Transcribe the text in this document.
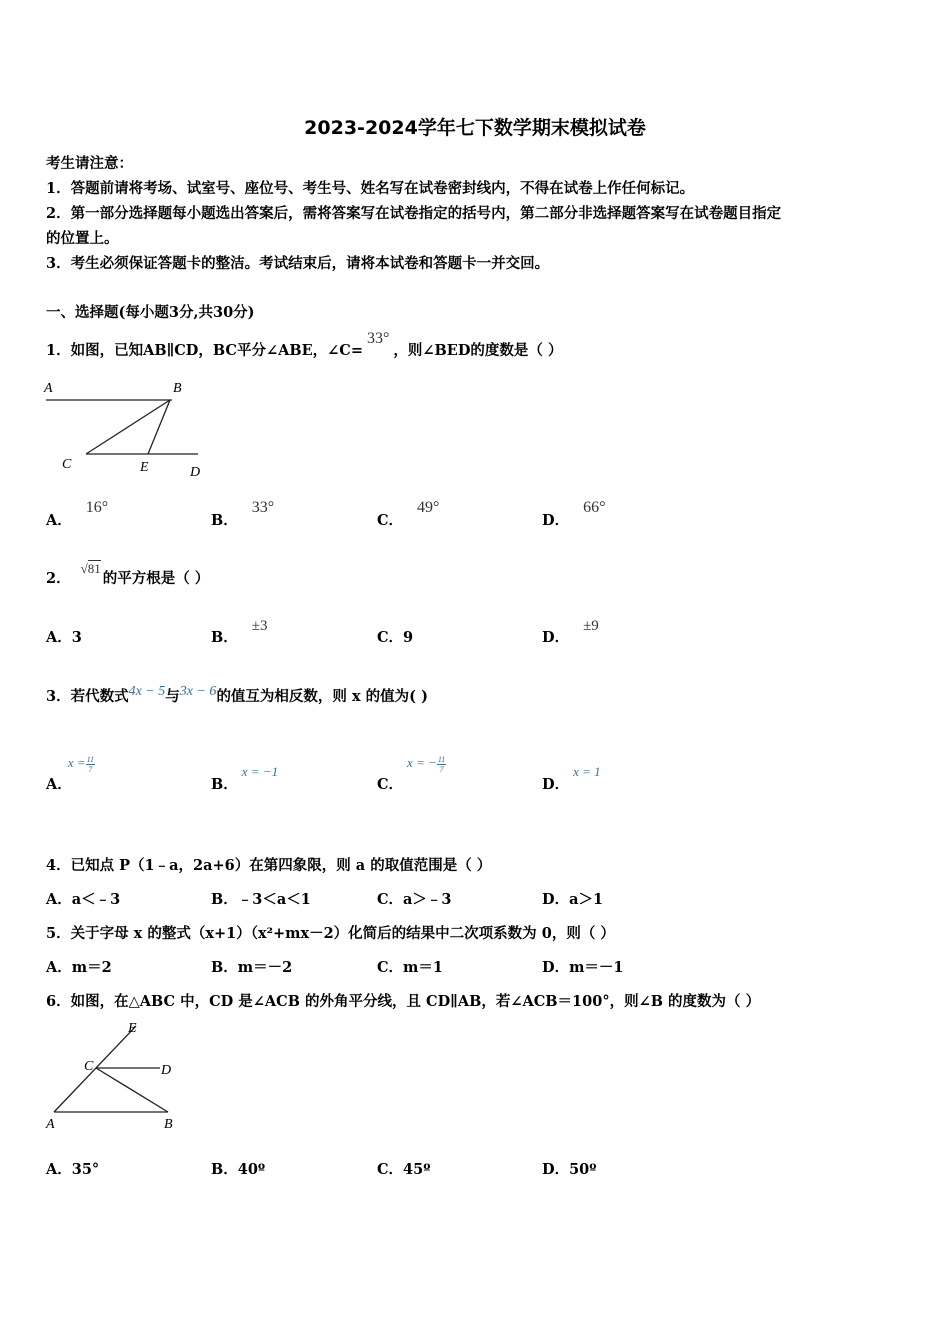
2023-2024学年七下数学期末模拟试卷
考生请注意：
1．答题前请将考场、试室号、座位号、考生号、姓名写在试卷密封线内，不得在试卷上作任何标记。
2．第一部分选择题每小题选出答案后，需将答案写在试卷指定的括号内，第二部分非选择题答案写在试卷题目指定
的位置上。
3．考生必须保证答题卡的整洁。考试结束后，请将本试卷和答题卡一并交回。
一、选择题(每小题3分,共30分)
1．如图，已知AB∥CD，BC平分∠ABE，∠C=33°，则∠BED的度数是（ ）
A	B
C	E	D
A．16°
B．33°
C．49°
D．66°
2．√81的平方根是（ ）
A．3	B．±3
C．9	D．±9
3．若代数式4x − 5与3x − 6的值互为相反数，则 x 的值为( )
A．$x = \frac{11}{7}$
B．x = −1
C．x = − $\frac{11}{7}$
D．x = 1
4．已知点 P（1﹣a，2a+6）在第四象限，则 a 的取值范围是（ ）
A．a＜﹣3	B．﹣3＜a＜1	C．a＞﹣3	D．a＞1
5．关于字母 x 的整式（x+1）（x²+mx－2）化简后的结果中二次项系数为 0，则（ ）
A．m＝2	B．m＝－2	C．m＝1	D．m＝－1
6．如图，在△ABC 中，CD 是∠ACB 的外角平分线，且 CD∥AB，若∠ACB＝100°，则∠B 的度数为（ ）
E
C	D
A	B
A．35°	B．40º	C．45º	D．50º
